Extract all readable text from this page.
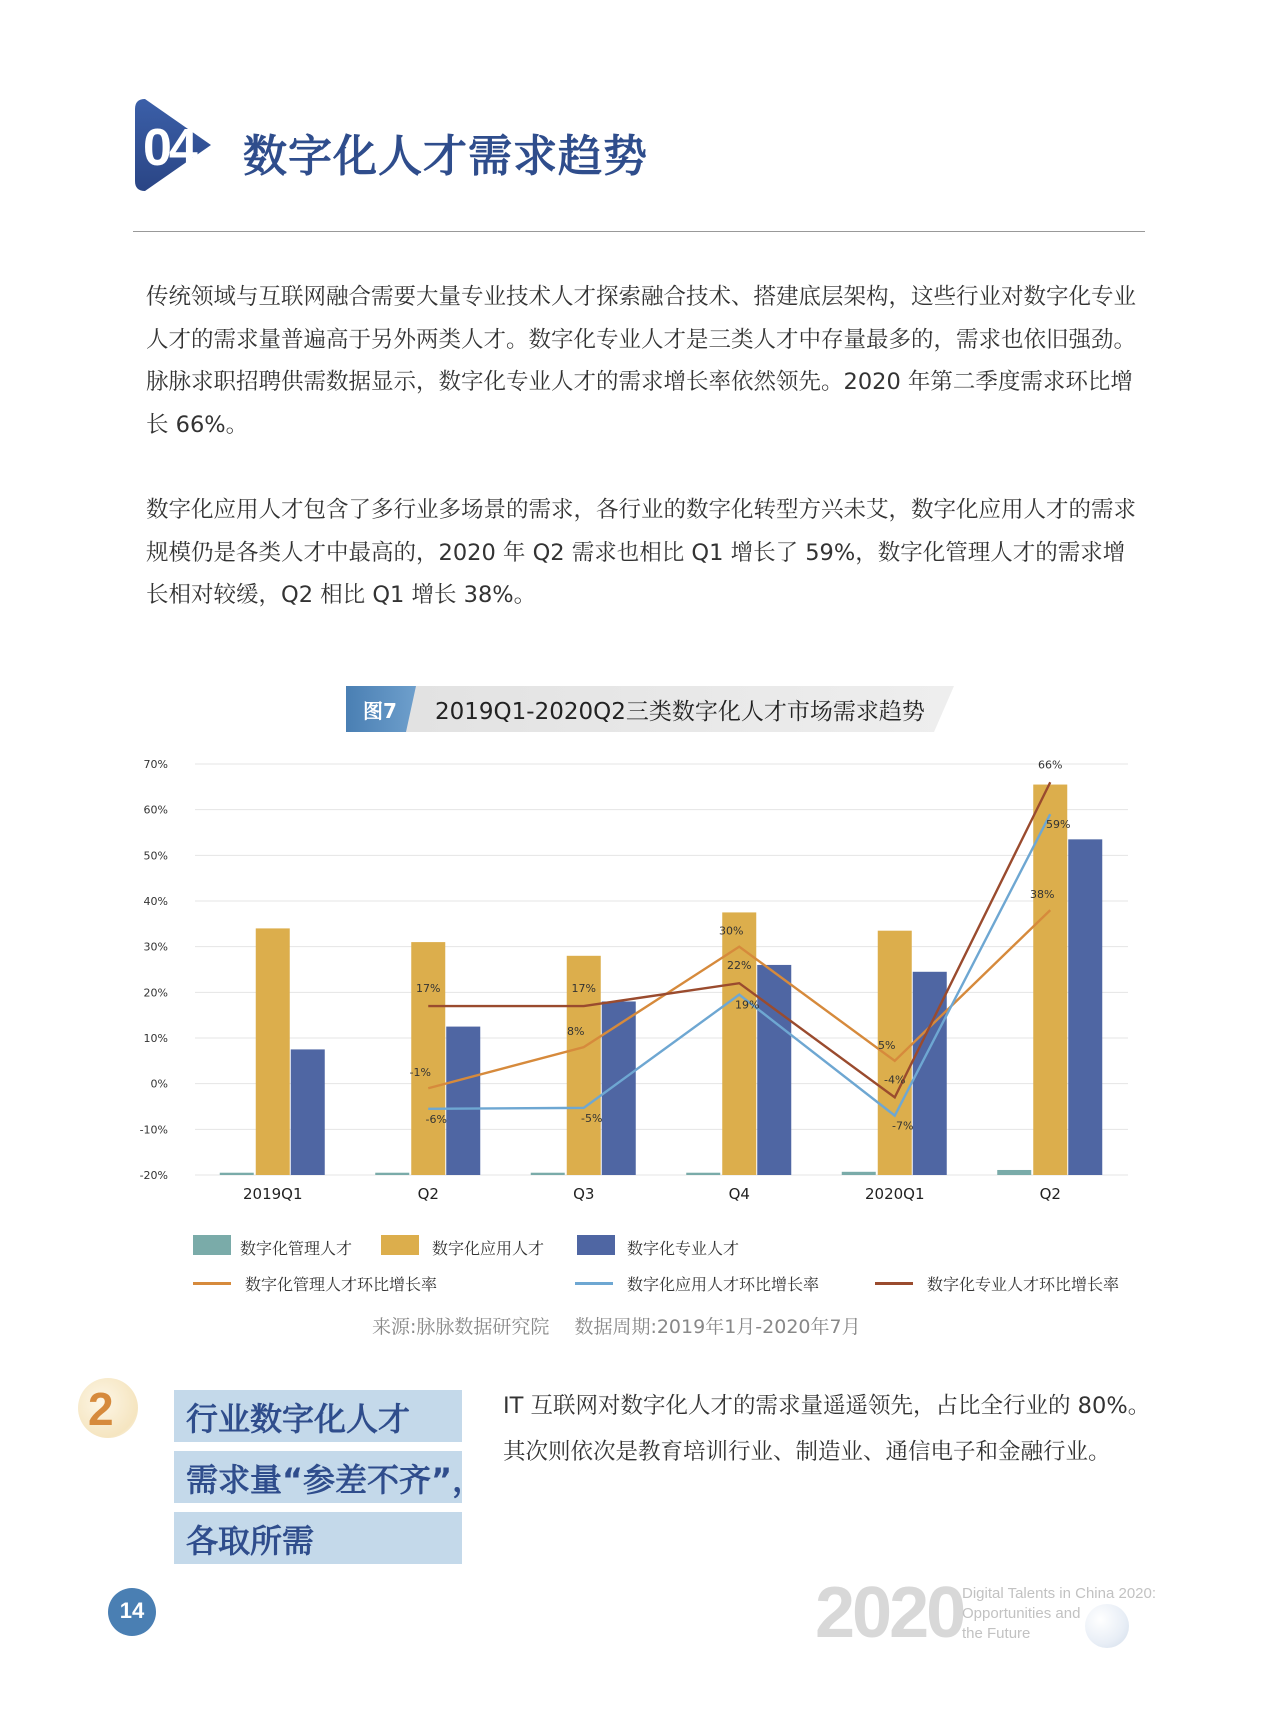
04 数字化人才需求趋势
传统领域与互联网融合需要大量专业技术人才探索融合技术、搭建底层架构，这些行业对数字化专业人才的需求量普遍高于另外两类人才。数字化专业人才是三类人才中存量最多的，需求也依旧强劲。脉脉求职招聘供需数据显示，数字化专业人才的需求增长率依然领先。2020 年第二季度需求环比增长 66%。
数字化应用人才包含了多行业多场景的需求，各行业的数字化转型方兴未艾，数字化应用人才的需求规模仍是各类人才中最高的，2020 年 Q2 需求也相比 Q1 增长了 59%，数字化管理人才的需求增长相对较缓，Q2 相比 Q1 增长 38%。
图7 2019Q1-2020Q2三类数字化人才市场需求趋势
70%
60%
50%
40%
30%
20%
10%
0%
-10%
-20%
2019Q1	Q2	Q3	Q4	2020Q1	Q2
-1%
8%
30%
5%
38%
-6%	-5%
19%
-7%
59%
17%	17%
22%
-4%
66%
数字化管理人才	数字化应用人才	数字化专业人才
数字化管理人才环比增长率	数字化应用人才环比增长率	数字化专业人才环比增长率
来源:脉脉数据研究院　 数据周期:2019年1月-2020年7月
2 行业数字化人才
需求量“参差不齐”，
各取所需
IT 互联网对数字化人才的需求量遥遥领先，占比全行业的 80%。其次则依次是教育培训行业、制造业、通信电子和金融行业。
14	2020
Digital Talents in China 2020:
Opportunities and
the Future
